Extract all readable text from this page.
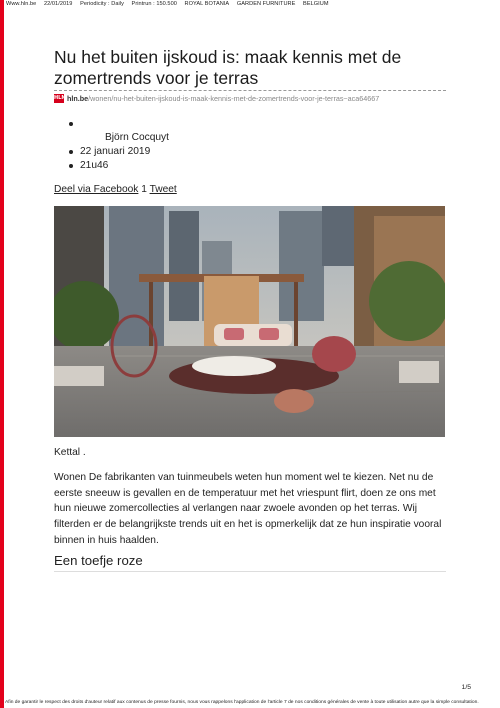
Www.hln.be 22/01/2019 Periodicity : Daily Printrun : 150.500 ROYAL BOTANIA GARDEN FURNITURE BELGIUM
Nu het buiten ijskoud is: maak kennis met de zomertrends voor je terras
HLN hln.be /wonen/nu-het-buiten-ijskoud-is-maak-kennis-met-de-zomertrends-voor-je-terras~aca64667
Björn Cocquyt
22 januari 2019
21u46
Deel via Facebook 1 Tweet
Kettal .

Wonen De fabrikanten van tuinmeubels weten hun moment wel te kiezen. Net nu de eerste sneeuw is gevallen en de temperatuur met het vriespunt flirt, doen ze ons met hun nieuwe zomercollecties al verlangen naar zwoele avonden op het terras. Wij filterden er de belangrijkste trends uit en het is opmerkelijk dat ze hun inspiratie vooral binnen in huis haalden.

Een toefje roze
1/5
Afin de garantir le respect des droits d'auteur relatif aux contenus de presse fournis, nous vous rappelons l'application de l'article 7 de nos conditions générales de vente à toute utilisation autre que la simple consultation.
